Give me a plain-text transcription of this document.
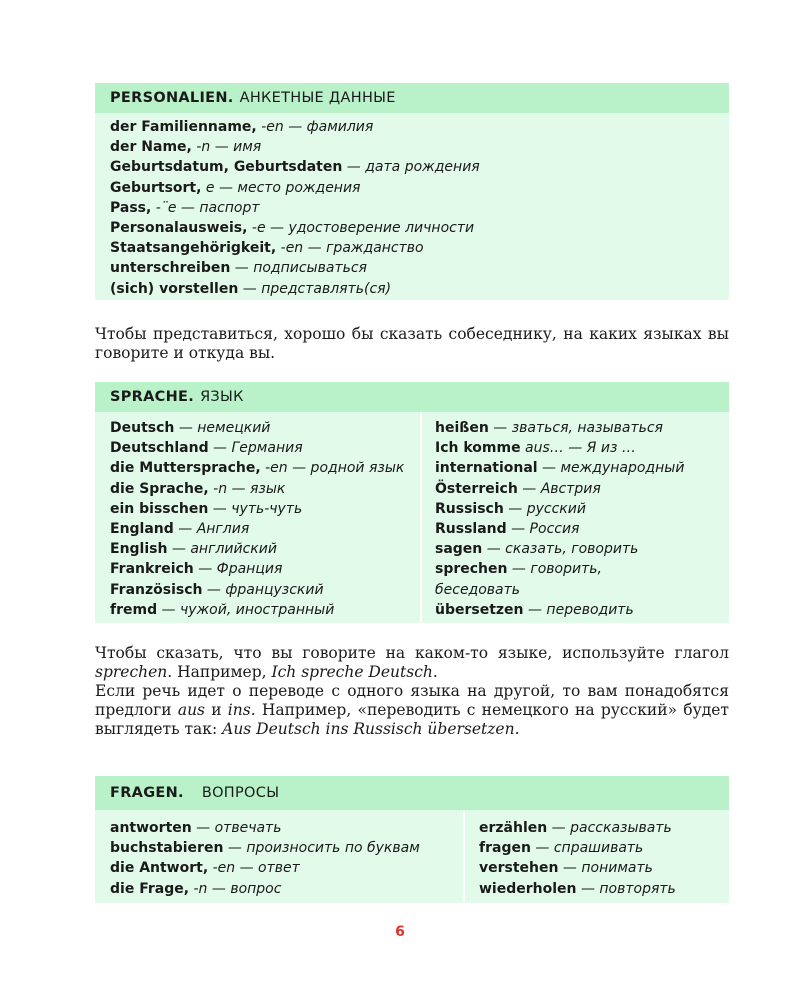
PERSONALIEN. АНКЕТНЫЕ ДАННЫЕ
der Familienname, -en — фамилия
der Name, -n — имя
Geburtsdatum, Geburtsdaten — дата рождения
Geburtsort, e — место рождения
Pass, -¨e — паспорт
Personalausweis, -e — удостоверение личности
Staatsangehörigkeit, -en — гражданство
unterschreiben — подписываться
(sich) vorstellen — представлять(ся)
Чтобы представиться, хорошо бы сказать собеседнику, на каких языках вы говорите и откуда вы.
SPRACHE. ЯЗЫК
Deutsch — немецкий
Deutschland — Германия
die Muttersprache, -en — родной язык
die Sprache, -n — язык
ein bisschen — чуть-чуть
England — Англия
English — английский
Frankreich — Франция
Französisch — французский
fremd — чужой, иностранный
heißen — зваться, называться
Ich komme aus… — Я из …
international — международный
Österreich — Австрия
Russisch — русский
Russland — Россия
sagen — сказать, говорить
sprechen — говорить,
беседовать
übersetzen — переводить
Чтобы сказать, что вы говорите на каком-то языке, используйте глагол sprechen. Например, Ich spreche Deutsch.
Если речь идет о переводе с одного языка на другой, то вам понадобятся предлоги aus и ins. Например, «переводить с немецкого на русский» будет выглядеть так: Aus Deutsch ins Russisch übersetzen.
FRAGEN. ВОПРОСЫ
antworten — отвечать
buchstabieren — произносить по буквам
die Antwort, -en — ответ
die Frage, -n — вопрос
erzählen — рассказывать
fragen — спрашивать
verstehen — понимать
wiederholen — повторять
6
